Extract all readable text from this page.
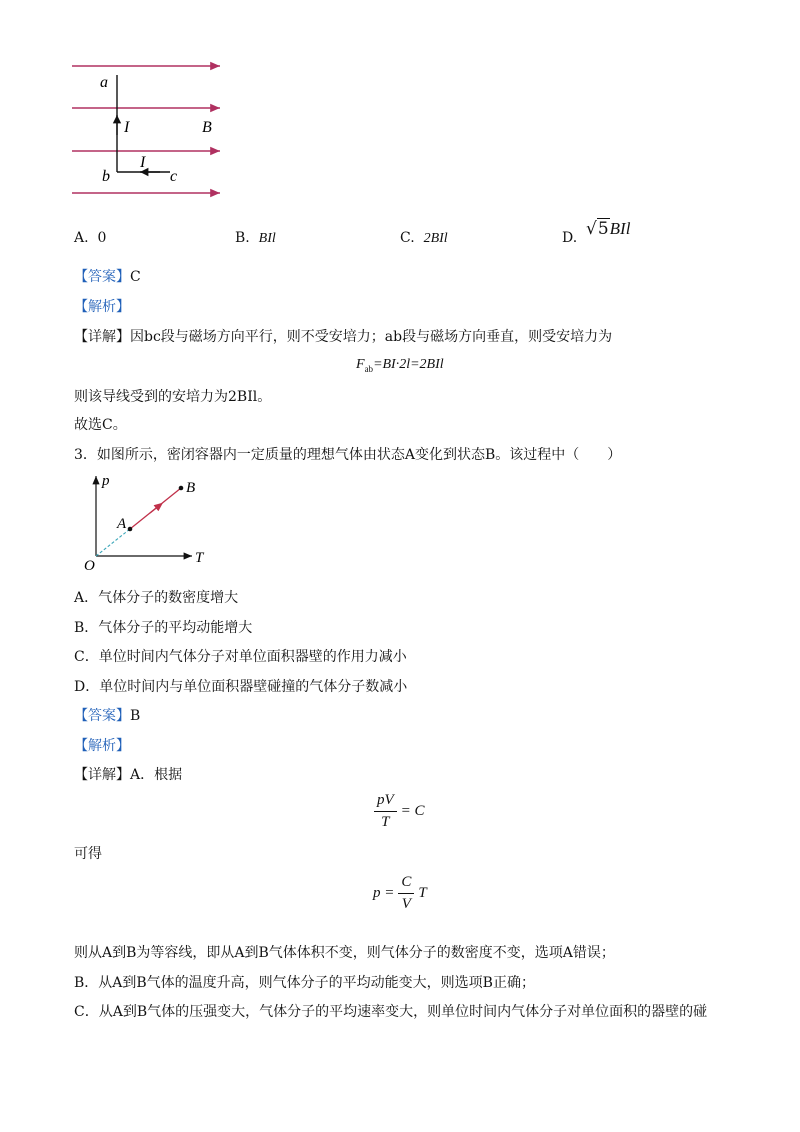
a
I	B
I
b	c
A. 0	B. BIl	C. 2BIl	D. √5BIl
【答案】C
【解析】
【详解】因bc段与磁场方向平行，则不受安培力；ab段与磁场方向垂直，则受安培力为
$F_{ab}=BI\cdot 2l=2BIl$
则该导线受到的安培力为2BIl。
故选C。
3．如图所示，密闭容器内一定质量的理想气体由状态A变化到状态B。该过程中（　　）
p
T
O
A
B
A．气体分子的数密度增大
B．气体分子的平均动能增大
C．单位时间内气体分子对单位面积器壁的作用力减小
D．单位时间内与单位面积器壁碰撞的气体分子数减小
【答案】B
【解析】
【详解】A．根据
$\frac{pV}{T} = C$
可得
$p = \frac{C}{V}$ T
则从A到B为等容线，即从A到B气体体积不变，则气体分子的数密度不变，选项A错误；
B．从A到B气体的温度升高，则气体分子的平均动能变大，则选项B正确；
C．从A到B气体的压强变大，气体分子的平均速率变大，则单位时间内气体分子对单位面积的器壁的碰
